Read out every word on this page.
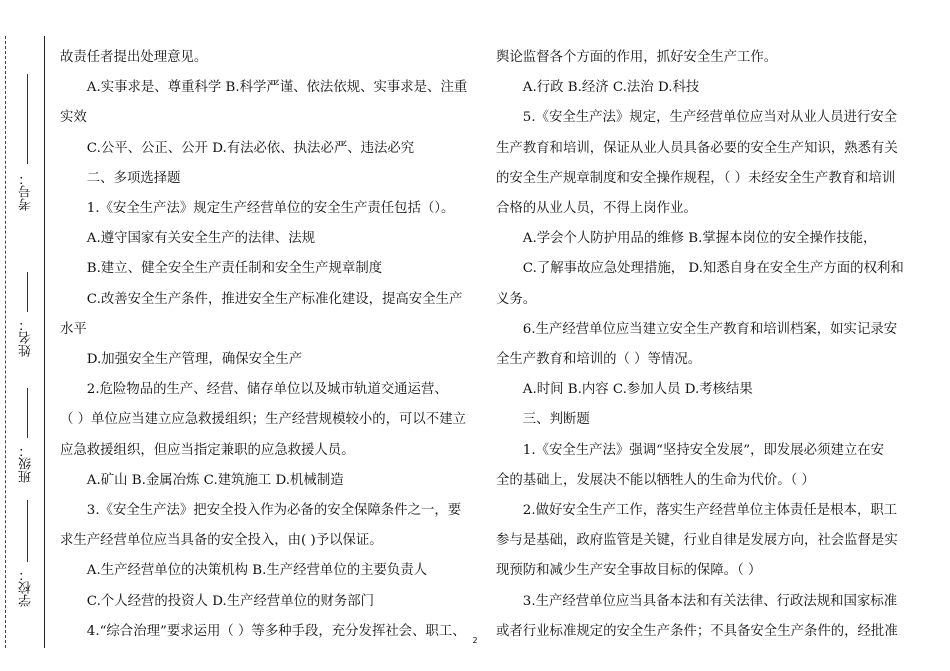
考号：
姓名：
班级：
学校：

故责任者提出处理意见。

A.实事求是、尊重科学 B.科学严谨、依法依规、实事求是、注重

实效

C.公平、公正、公开 D.有法必依、执法必严、违法必究

二、多项选择题

1.《安全生产法》规定生产经营单位的安全生产责任包括（）。

A.遵守国家有关安全生产的法律、法规

B.建立、健全安全生产责任制和安全生产规章制度

C.改善安全生产条件，推进安全生产标准化建设，提高安全生产

水平

D.加强安全生产管理，确保安全生产

2.危险物品的生产、经营、储存单位以及城市轨道交通运营、

（ ）单位应当建立应急救援组织；生产经营规模较小的，可以不建立

应急救援组织，但应当指定兼职的应急救援人员。

A.矿山 B.金属冶炼 C.建筑施工 D.机械制造

3.《安全生产法》把安全投入作为必备的安全保障条件之一，要

求生产经营单位应当具备的安全投入，由( )予以保证。

A.生产经营单位的决策机构 B.生产经营单位的主要负责人

C.个人经营的投资人 D.生产经营单位的财务部门

4.“综合治理”要求运用（ ）等多种手段，充分发挥社会、职工、

舆论监督各个方面的作用，抓好安全生产工作。

A.行政 B.经济 C.法治 D.科技

5.《安全生产法》规定，生产经营单位应当对从业人员进行安全

生产教育和培训，保证从业人员具备必要的安全生产知识，熟悉有关

的安全生产规章制度和安全操作规程，（ ）未经安全生产教育和培训

合格的从业人员，不得上岗作业。

A.学会个人防护用品的维修 B.掌握本岗位的安全操作技能，

C.了解事故应急处理措施， D.知悉自身在安全生产方面的权利和

义务。

6.生产经营单位应当建立安全生产教育和培训档案，如实记录安

全生产教育和培训的（ ）等情况。

A.时间 B.内容 C.参加人员 D.考核结果

三、判断题

1.《安全生产法》强调“坚持安全发展”，即发展必须建立在安

全的基础上，发展决不能以牺牲人的生命为代价。（ ）

2.做好安全生产工作，落实生产经营单位主体责任是根本，职工

参与是基础，政府监管是关键，行业自律是发展方向，社会监督是实

现预防和减少生产安全事故目标的保障。（ ）

3.生产经营单位应当具备本法和有关法律、行政法规和国家标准

或者行业标准规定的安全生产条件；不具备安全生产条件的，经批准

2
